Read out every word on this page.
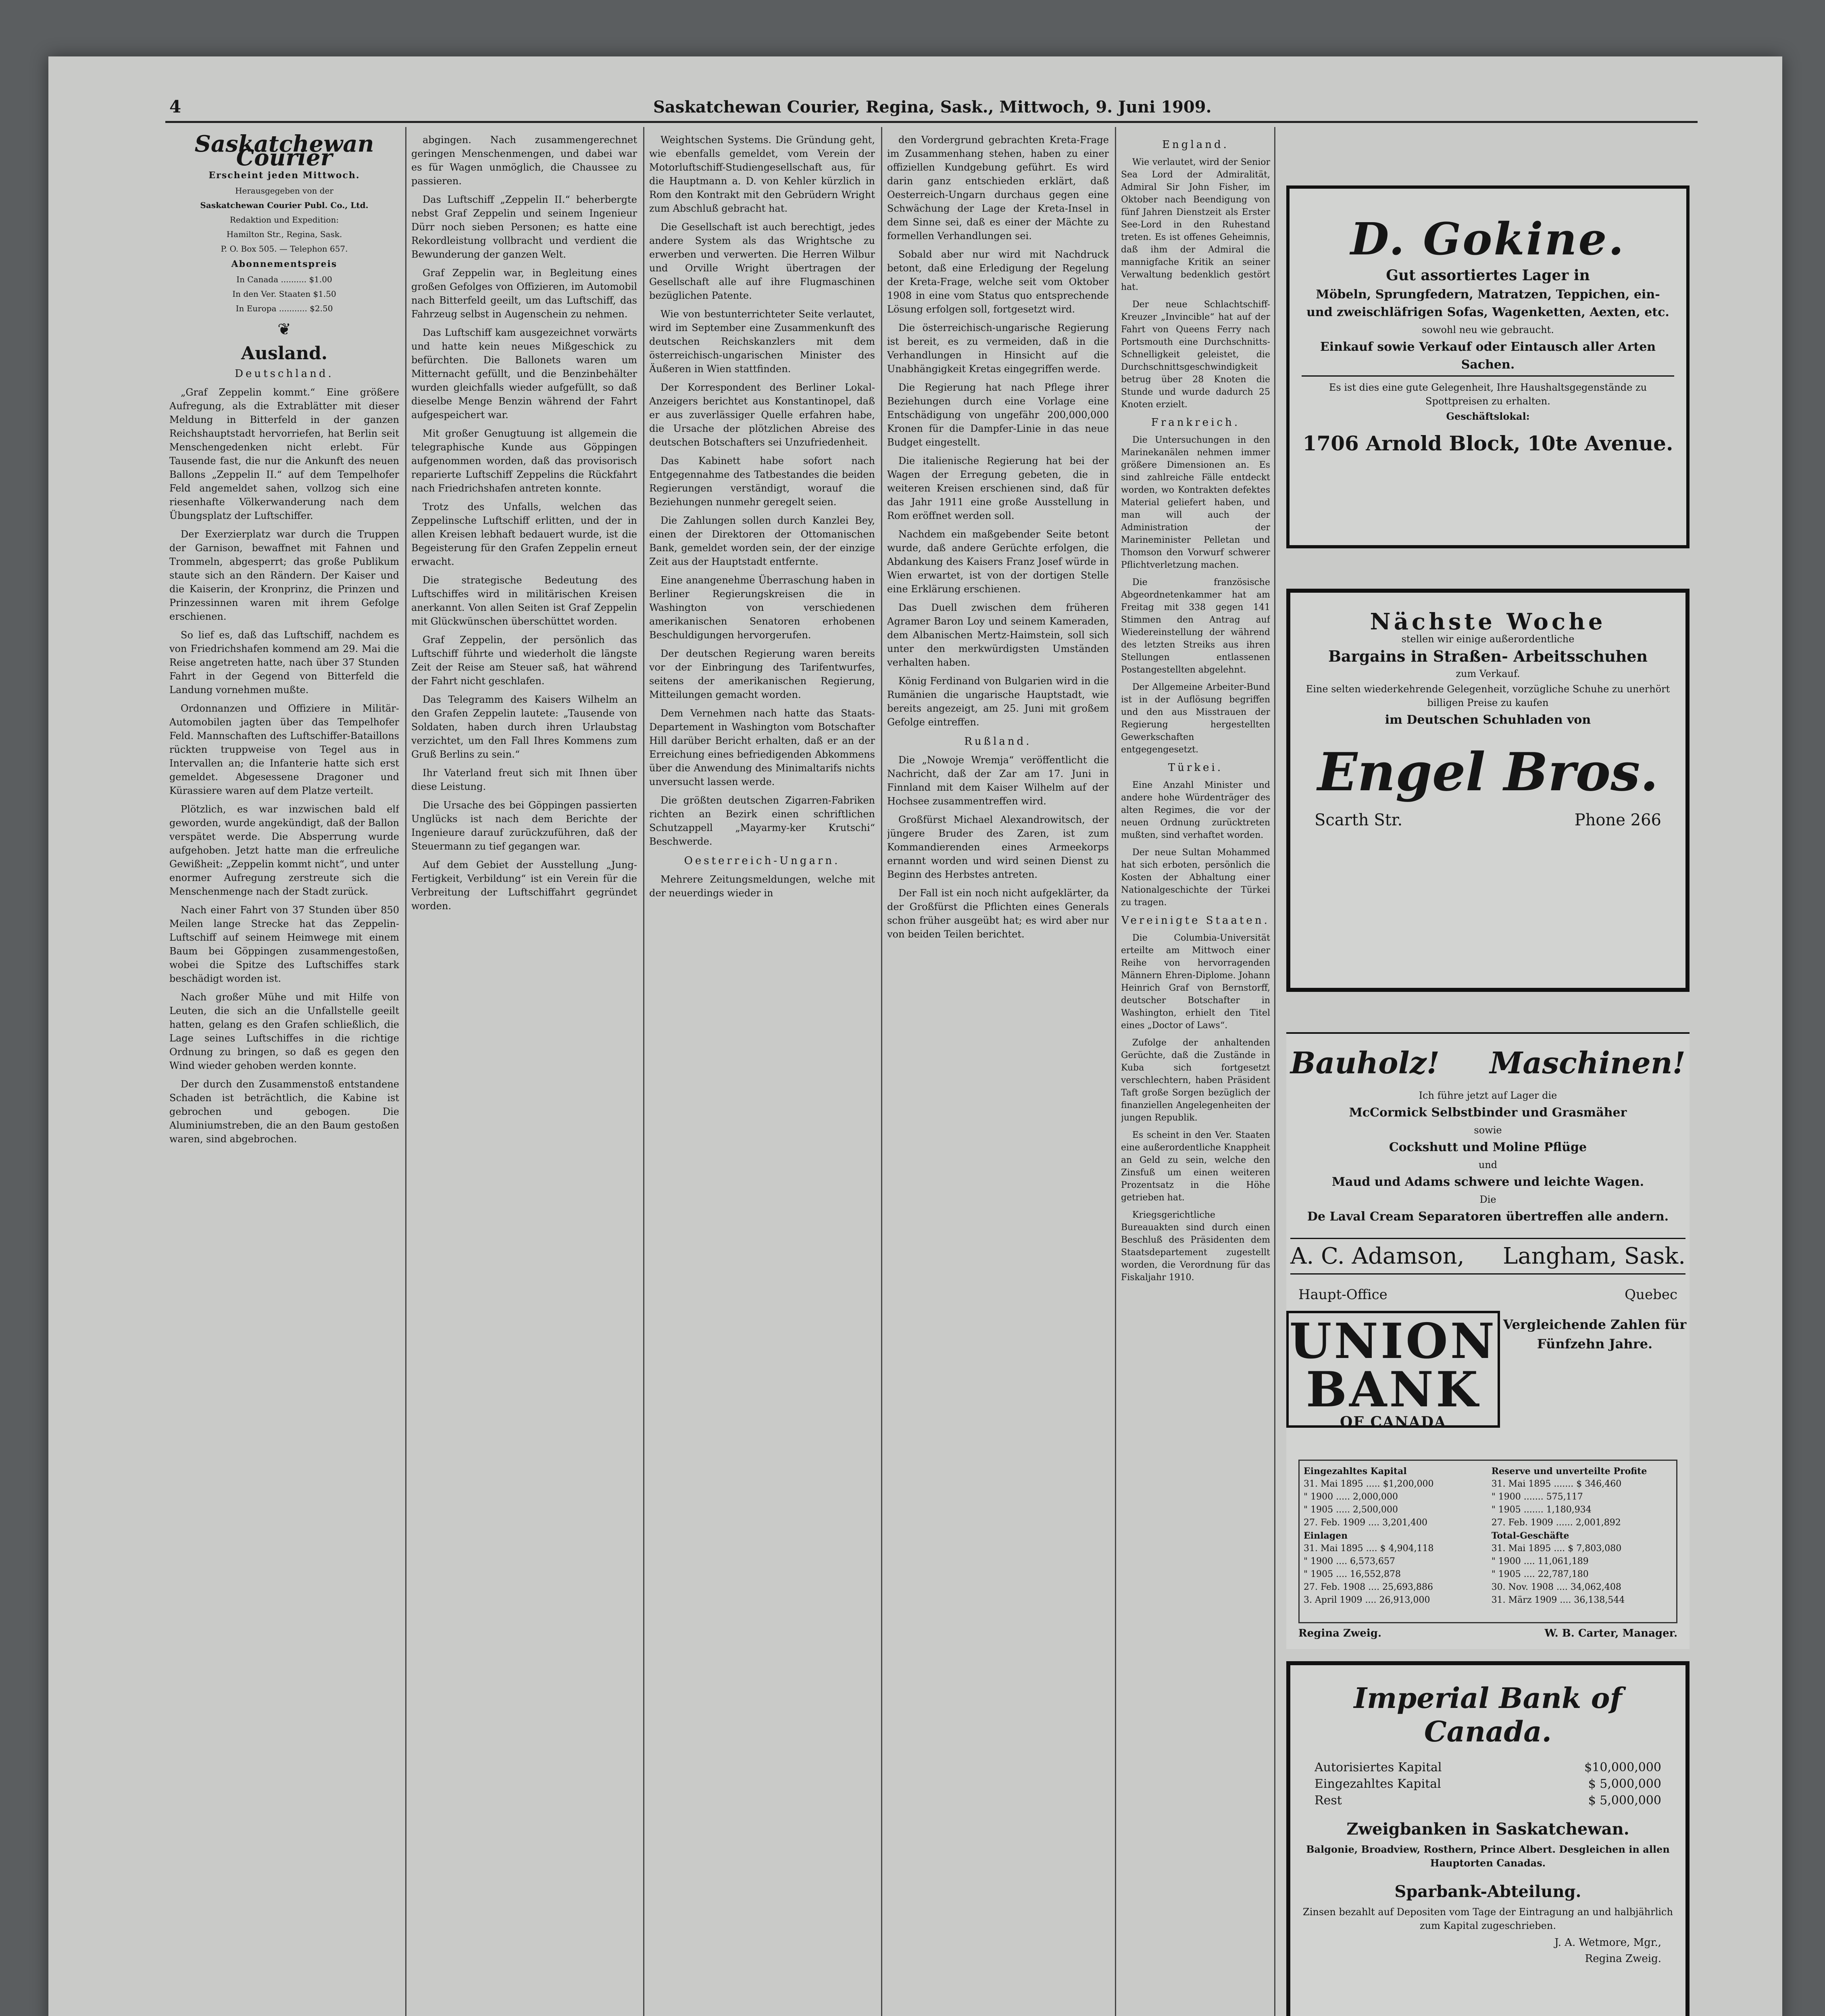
4	Saskatchewan Courier, Regina, Sask., Mittwoch, 9. Juni 1909.
Saskatchewan Courier
Erscheint jeden Mittwoch.
Herausgegeben von der
Saskatchewan Courier Publ. Co., Ltd.
Redaktion und Expedition:
Hamilton Str., Regina, Sask.
P. O. Box 505. — Telephon 657.
Abonnementspreis
In Canada .......... $1.00
In den Ver. Staaten $1.50
In Europa ........... $2.50
❦
Ausland.
Deutschland.

„Graf Zeppelin kommt.“ Eine größere Aufregung, als die Extrablätter mit dieser Meldung in Bitterfeld in der ganzen Reichshauptstadt hervorriefen, hat Berlin seit Menschengedenken nicht erlebt. Für Tausende fast, die nur die Ankunft des neuen Ballons „Zeppelin II.“ auf dem Tempelhofer Feld angemeldet sahen, vollzog sich eine riesenhafte Völkerwanderung nach dem Übungsplatz der Luftschiffer.

Der Exerzierplatz war durch die Truppen der Garnison, bewaffnet mit Fahnen und Trommeln, abgesperrt; das große Publikum staute sich an den Rändern. Der Kaiser und die Kaiserin, der Kronprinz, die Prinzen und Prinzessinnen waren mit ihrem Gefolge erschienen.

So lief es, daß das Luftschiff, nachdem es von Friedrichshafen kommend am 29. Mai die Reise angetreten hatte, nach über 37 Stunden Fahrt in der Gegend von Bitterfeld die Landung vornehmen mußte.

Ordonnanzen und Offiziere in Militär-Automobilen jagten über das Tempelhofer Feld. Mannschaften des Luftschiffer-Bataillons rückten truppweise von Tegel aus in Intervallen an; die Infanterie hatte sich erst gemeldet. Abgesessene Dragoner und Kürassiere waren auf dem Platze verteilt.

Plötzlich, es war inzwischen bald elf geworden, wurde angekündigt, daß der Ballon verspätet werde. Die Absperrung wurde aufgehoben. Jetzt hatte man die erfreuliche Gewißheit: „Zeppelin kommt nicht“, und unter enormer Aufregung zerstreute sich die Menschenmenge nach der Stadt zurück.

Nach einer Fahrt von 37 Stunden über 850 Meilen lange Strecke hat das Zeppelin-Luftschiff auf seinem Heimwege mit einem Baum bei Göppingen zusammengestoßen, wobei die Spitze des Luftschiffes stark beschädigt worden ist.

Nach großer Mühe und mit Hilfe von Leuten, die sich an die Unfallstelle geeilt hatten, gelang es den Grafen schließlich, die Lage seines Luftschiffes in die richtige Ordnung zu bringen, so daß es gegen den Wind wieder gehoben werden konnte.

Der durch den Zusammenstoß entstandene Schaden ist beträchtlich, die Kabine ist gebrochen und gebogen. Die Aluminiumstreben, die an den Baum gestoßen waren, sind abgebrochen.

abgingen. Nach zusammengerechnet geringen Menschenmengen, und dabei war es für Wagen unmöglich, die Chaussee zu passieren.

Das Luftschiff „Zeppelin II.“ beherbergte nebst Graf Zeppelin und seinem Ingenieur Dürr noch sieben Personen; es hatte eine Rekordleistung vollbracht und verdient die Bewunderung der ganzen Welt.

Graf Zeppelin war, in Begleitung eines großen Gefolges von Offizieren, im Automobil nach Bitterfeld geeilt, um das Luftschiff, das Fahrzeug selbst in Augenschein zu nehmen.

Das Luftschiff kam ausgezeichnet vorwärts und hatte kein neues Mißgeschick zu befürchten. Die Ballonets waren um Mitternacht gefüllt, und die Benzinbehälter wurden gleichfalls wieder aufgefüllt, so daß dieselbe Menge Benzin während der Fahrt aufgespeichert war.

Mit großer Genugtuung ist allgemein die telegraphische Kunde aus Göppingen aufgenommen worden, daß das provisorisch reparierte Luftschiff Zeppelins die Rückfahrt nach Friedrichshafen antreten konnte.

Trotz des Unfalls, welchen das Zeppelinsche Luftschiff erlitten, und der in allen Kreisen lebhaft bedauert wurde, ist die Begeisterung für den Grafen Zeppelin erneut erwacht.

Die strategische Bedeutung des Luftschiffes wird in militärischen Kreisen anerkannt. Von allen Seiten ist Graf Zeppelin mit Glückwünschen überschüttet worden.

Graf Zeppelin, der persönlich das Luftschiff führte und wiederholt die längste Zeit der Reise am Steuer saß, hat während der Fahrt nicht geschlafen.

Das Telegramm des Kaisers Wilhelm an den Grafen Zeppelin lautete: „Tausende von Soldaten, haben durch ihren Urlaubstag verzichtet, um den Fall Ihres Kommens zum Gruß Berlins zu sein.“

Ihr Vaterland freut sich mit Ihnen über diese Leistung.

Die Ursache des bei Göppingen passierten Unglücks ist nach dem Berichte der Ingenieure darauf zurückzuführen, daß der Steuermann zu tief gegangen war.

Auf dem Gebiet der Ausstellung „Jung-Fertigkeit, Verbildung“ ist ein Verein für die Verbreitung der Luftschiffahrt gegründet worden.

Weightschen Systems. Die Gründung geht, wie ebenfalls gemeldet, vom Verein der Motorluftschiff-Studiengesellschaft aus, für die Hauptmann a. D. von Kehler kürzlich in Rom den Kontrakt mit den Gebrüdern Wright zum Abschluß gebracht hat.

Die Gesellschaft ist auch berechtigt, jedes andere System als das Wrightsche zu erwerben und verwerten. Die Herren Wilbur und Orville Wright übertragen der Gesellschaft alle auf ihre Flugmaschinen bezüglichen Patente.

Wie von bestunterrichteter Seite verlautet, wird im September eine Zusammenkunft des deutschen Reichskanzlers mit dem österreichisch-ungarischen Minister des Äußeren in Wien stattfinden.

Der Korrespondent des Berliner Lokal-Anzeigers berichtet aus Konstantinopel, daß er aus zuverlässiger Quelle erfahren habe, die Ursache der plötzlichen Abreise des deutschen Botschafters sei Unzufriedenheit.

Das Kabinett habe sofort nach Entgegennahme des Tatbestandes die beiden Regierungen verständigt, worauf die Beziehungen nunmehr geregelt seien.

Die Zahlungen sollen durch Kanzlei Bey, einen der Direktoren der Ottomanischen Bank, gemeldet worden sein, der der einzige Zeit aus der Hauptstadt entfernte.

Eine anangenehme Überraschung haben in Berliner Regierungskreisen die in Washington von verschiedenen amerikanischen Senatoren erhobenen Beschuldigungen hervorgerufen.

Der deutschen Regierung waren bereits vor der Einbringung des Tarifentwurfes, seitens der amerikanischen Regierung, Mitteilungen gemacht worden.

Dem Vernehmen nach hatte das Staats-Departement in Washington vom Botschafter Hill darüber Bericht erhalten, daß er an der Erreichung eines befriedigenden Abkommens über die Anwendung des Minimaltarifs nichts unversucht lassen werde.

Die größten deutschen Zigarren-Fabriken richten an Bezirk einen schriftlichen Schutzappell „Mayarmy-ker Krutschi“ Beschwerde.

Oesterreich-Ungarn.

Mehrere Zeitungsmeldungen, welche mit der neuerdings wieder in

den Vordergrund gebrachten Kreta-Frage im Zusammenhang stehen, haben zu einer offiziellen Kundgebung geführt. Es wird darin ganz entschieden erklärt, daß Oesterreich-Ungarn durchaus gegen eine Schwächung der Lage der Kreta-Insel in dem Sinne sei, daß es einer der Mächte zu formellen Verhandlungen sei.

Sobald aber nur wird mit Nachdruck betont, daß eine Erledigung der Regelung der Kreta-Frage, welche seit vom Oktober 1908 in eine vom Status quo entsprechende Lösung erfolgen soll, fortgesetzt wird.

Die österreichisch-ungarische Regierung ist bereit, es zu vermeiden, daß in die Verhandlungen in Hinsicht auf die Unabhängigkeit Kretas eingegriffen werde.

Die Regierung hat nach Pflege ihrer Beziehungen durch eine Vorlage eine Entschädigung von ungefähr 200,000,000 Kronen für die Dampfer-Linie in das neue Budget eingestellt.

Die italienische Regierung hat bei der Wagen der Erregung gebeten, die in weiteren Kreisen erschienen sind, daß für das Jahr 1911 eine große Ausstellung in Rom eröffnet werden soll.

Nachdem ein maßgebender Seite betont wurde, daß andere Gerüchte erfolgen, die Abdankung des Kaisers Franz Josef würde in Wien erwartet, ist von der dortigen Stelle eine Erklärung erschienen.

Das Duell zwischen dem früheren Agramer Baron Loy und seinem Kameraden, dem Albanischen Mertz-Haimstein, soll sich unter den merkwürdigsten Umständen verhalten haben.

König Ferdinand von Bulgarien wird in die Rumänien die ungarische Hauptstadt, wie bereits angezeigt, am 25. Juni mit großem Gefolge eintreffen.

Rußland.

Die „Nowoje Wremja“ veröffentlicht die Nachricht, daß der Zar am 17. Juni in Finnland mit dem Kaiser Wilhelm auf der Hochsee zusammentreffen wird.

Großfürst Michael Alexandrowitsch, der jüngere Bruder des Zaren, ist zum Kommandierenden eines Armeekorps ernannt worden und wird seinen Dienst zu Beginn des Herbstes antreten.

Der Fall ist ein noch nicht aufgeklärter, da der Großfürst die Pflichten eines Generals schon früher ausgeübt hat; es wird aber nur von beiden Teilen berichtet.

England.

Wie verlautet, wird der Senior Sea Lord der Admiralität, Admiral Sir John Fisher, im Oktober nach Beendigung von fünf Jahren Dienstzeit als Erster See-Lord in den Ruhestand treten. Es ist offenes Geheimnis, daß ihm der Admiral die mannigfache Kritik an seiner Verwaltung bedenklich gestört hat.

Der neue Schlachtschiff-Kreuzer „Invincible“ hat auf der Fahrt von Queens Ferry nach Portsmouth eine Durchschnitts-Schnelligkeit geleistet, die Durchschnittsgeschwindigkeit betrug über 28 Knoten die Stunde und wurde dadurch 25 Knoten erzielt.

Frankreich.

Die Untersuchungen in den Marinekanälen nehmen immer größere Dimensionen an. Es sind zahlreiche Fälle entdeckt worden, wo Kontrakten defektes Material geliefert haben, und man will auch der Administration der Marineminister Pelletan und Thomson den Vorwurf schwerer Pflichtverletzung machen.

Die französische Abgeordnetenkammer hat am Freitag mit 338 gegen 141 Stimmen den Antrag auf Wiedereinstellung der während des letzten Streiks aus ihren Stellungen entlassenen Postangestellten abgelehnt.

Der Allgemeine Arbeiter-Bund ist in der Auflösung begriffen und den aus Misstrauen der Regierung hergestellten Gewerkschaften entgegengesetzt.

Türkei.

Eine Anzahl Minister und andere hohe Würdenträger des alten Regimes, die vor der neuen Ordnung zurücktreten mußten, sind verhaftet worden.

Der neue Sultan Mohammed hat sich erboten, persönlich die Kosten der Abhaltung einer Nationalgeschichte der Türkei zu tragen.

Vereinigte Staaten.

Die Columbia-Universität erteilte am Mittwoch einer Reihe von hervorragenden Männern Ehren-Diplome. Johann Heinrich Graf von Bernstorff, deutscher Botschafter in Washington, erhielt den Titel eines „Doctor of Laws“.

Zufolge der anhaltenden Gerüchte, daß die Zustände in Kuba sich fortgesetzt verschlechtern, haben Präsident Taft große Sorgen bezüglich der finanziellen Angelegenheiten der jungen Republik.

Es scheint in den Ver. Staaten eine außerordentliche Knappheit an Geld zu sein, welche den Zinsfuß um einen weiteren Prozentsatz in die Höhe getrieben hat.

Kriegsgerichtliche Bureauakten sind durch einen Beschluß des Präsidenten dem Staatsdepartement zugestellt worden, die Verordnung für das Fiskaljahr 1910.

D. Gokine.
Gut assortiertes Lager in
Möbeln, Sprungfedern, Matratzen, Teppichen, ein- und zweischläfrigen Sofas, Wagenketten, Aexten, etc.
sowohl neu wie gebraucht.
Einkauf sowie Verkauf oder Eintausch aller Arten Sachen.
Es ist dies eine gute Gelegenheit, Ihre Haushaltsgegenstände zu Spottpreisen zu erhalten.
Geschäftslokal:
1706 Arnold Block, 10te Avenue.
Nächste Woche
stellen wir einige außerordentliche
Bargains in Straßen- Arbeitsschuhen
zum Verkauf.
Eine selten wiederkehrende Gelegenheit, vorzügliche Schuhe zu unerhört billigen Preise zu kaufen
im Deutschen Schuhladen von
Engel Bros.
Scarth Str.	Phone 266
Bauholz! Maschinen!
Ich führe jetzt auf Lager die
McCormick Selbstbinder und Grasmäher
sowie
Cockshutt und Moline Pflüge
und
Maud und Adams schwere und leichte Wagen.
Die
De Laval Cream Separatoren übertreffen alle andern.
A. C. Adamson, Langham, Sask.
Haupt-Office	Quebec
UNION
BANK
OF CANADA
Vergleichende Zahlen für Fünfzehn Jahre.
Eingezahltes Kapital
31. Mai 1895 ..... $1,200,000
" 1900 ..... 2,000,000
" 1905 ..... 2,500,000
27. Feb. 1909 .... 3,201,400
Einlagen
31. Mai 1895 .... $ 4,904,118
" 1900 .... 6,573,657
" 1905 .... 16,552,878
27. Feb. 1908 .... 25,693,886
3. April 1909 .... 26,913,000
Reserve und unverteilte Profite
31. Mai 1895 ....... $ 346,460
" 1900 ....... 575,117
" 1905 ....... 1,180,934
27. Feb. 1909 ...... 2,001,892
Total-Geschäfte
31. Mai 1895 .... $ 7,803,080
" 1900 .... 11,061,189
" 1905 .... 22,787,180
30. Nov. 1908 .... 34,062,408
31. März 1909 .... 36,138,544
Regina Zweig.	W. B. Carter, Manager.
Imperial Bank of Canada.
Autorisiertes Kapital	$10,000,000
Eingezahltes Kapital	$ 5,000,000
Rest	$ 5,000,000
Zweigbanken in Saskatchewan.
Balgonie, Broadview, Rosthern, Prince Albert. Desgleichen in allen Hauptorten Canadas.
Sparbank-Abteilung.
Zinsen bezahlt auf Depositen vom Tage der Eintragung an und halbjährlich zum Kapital zugeschrieben.
J. A. Wetmore, Mgr.,
Regina Zweig.
